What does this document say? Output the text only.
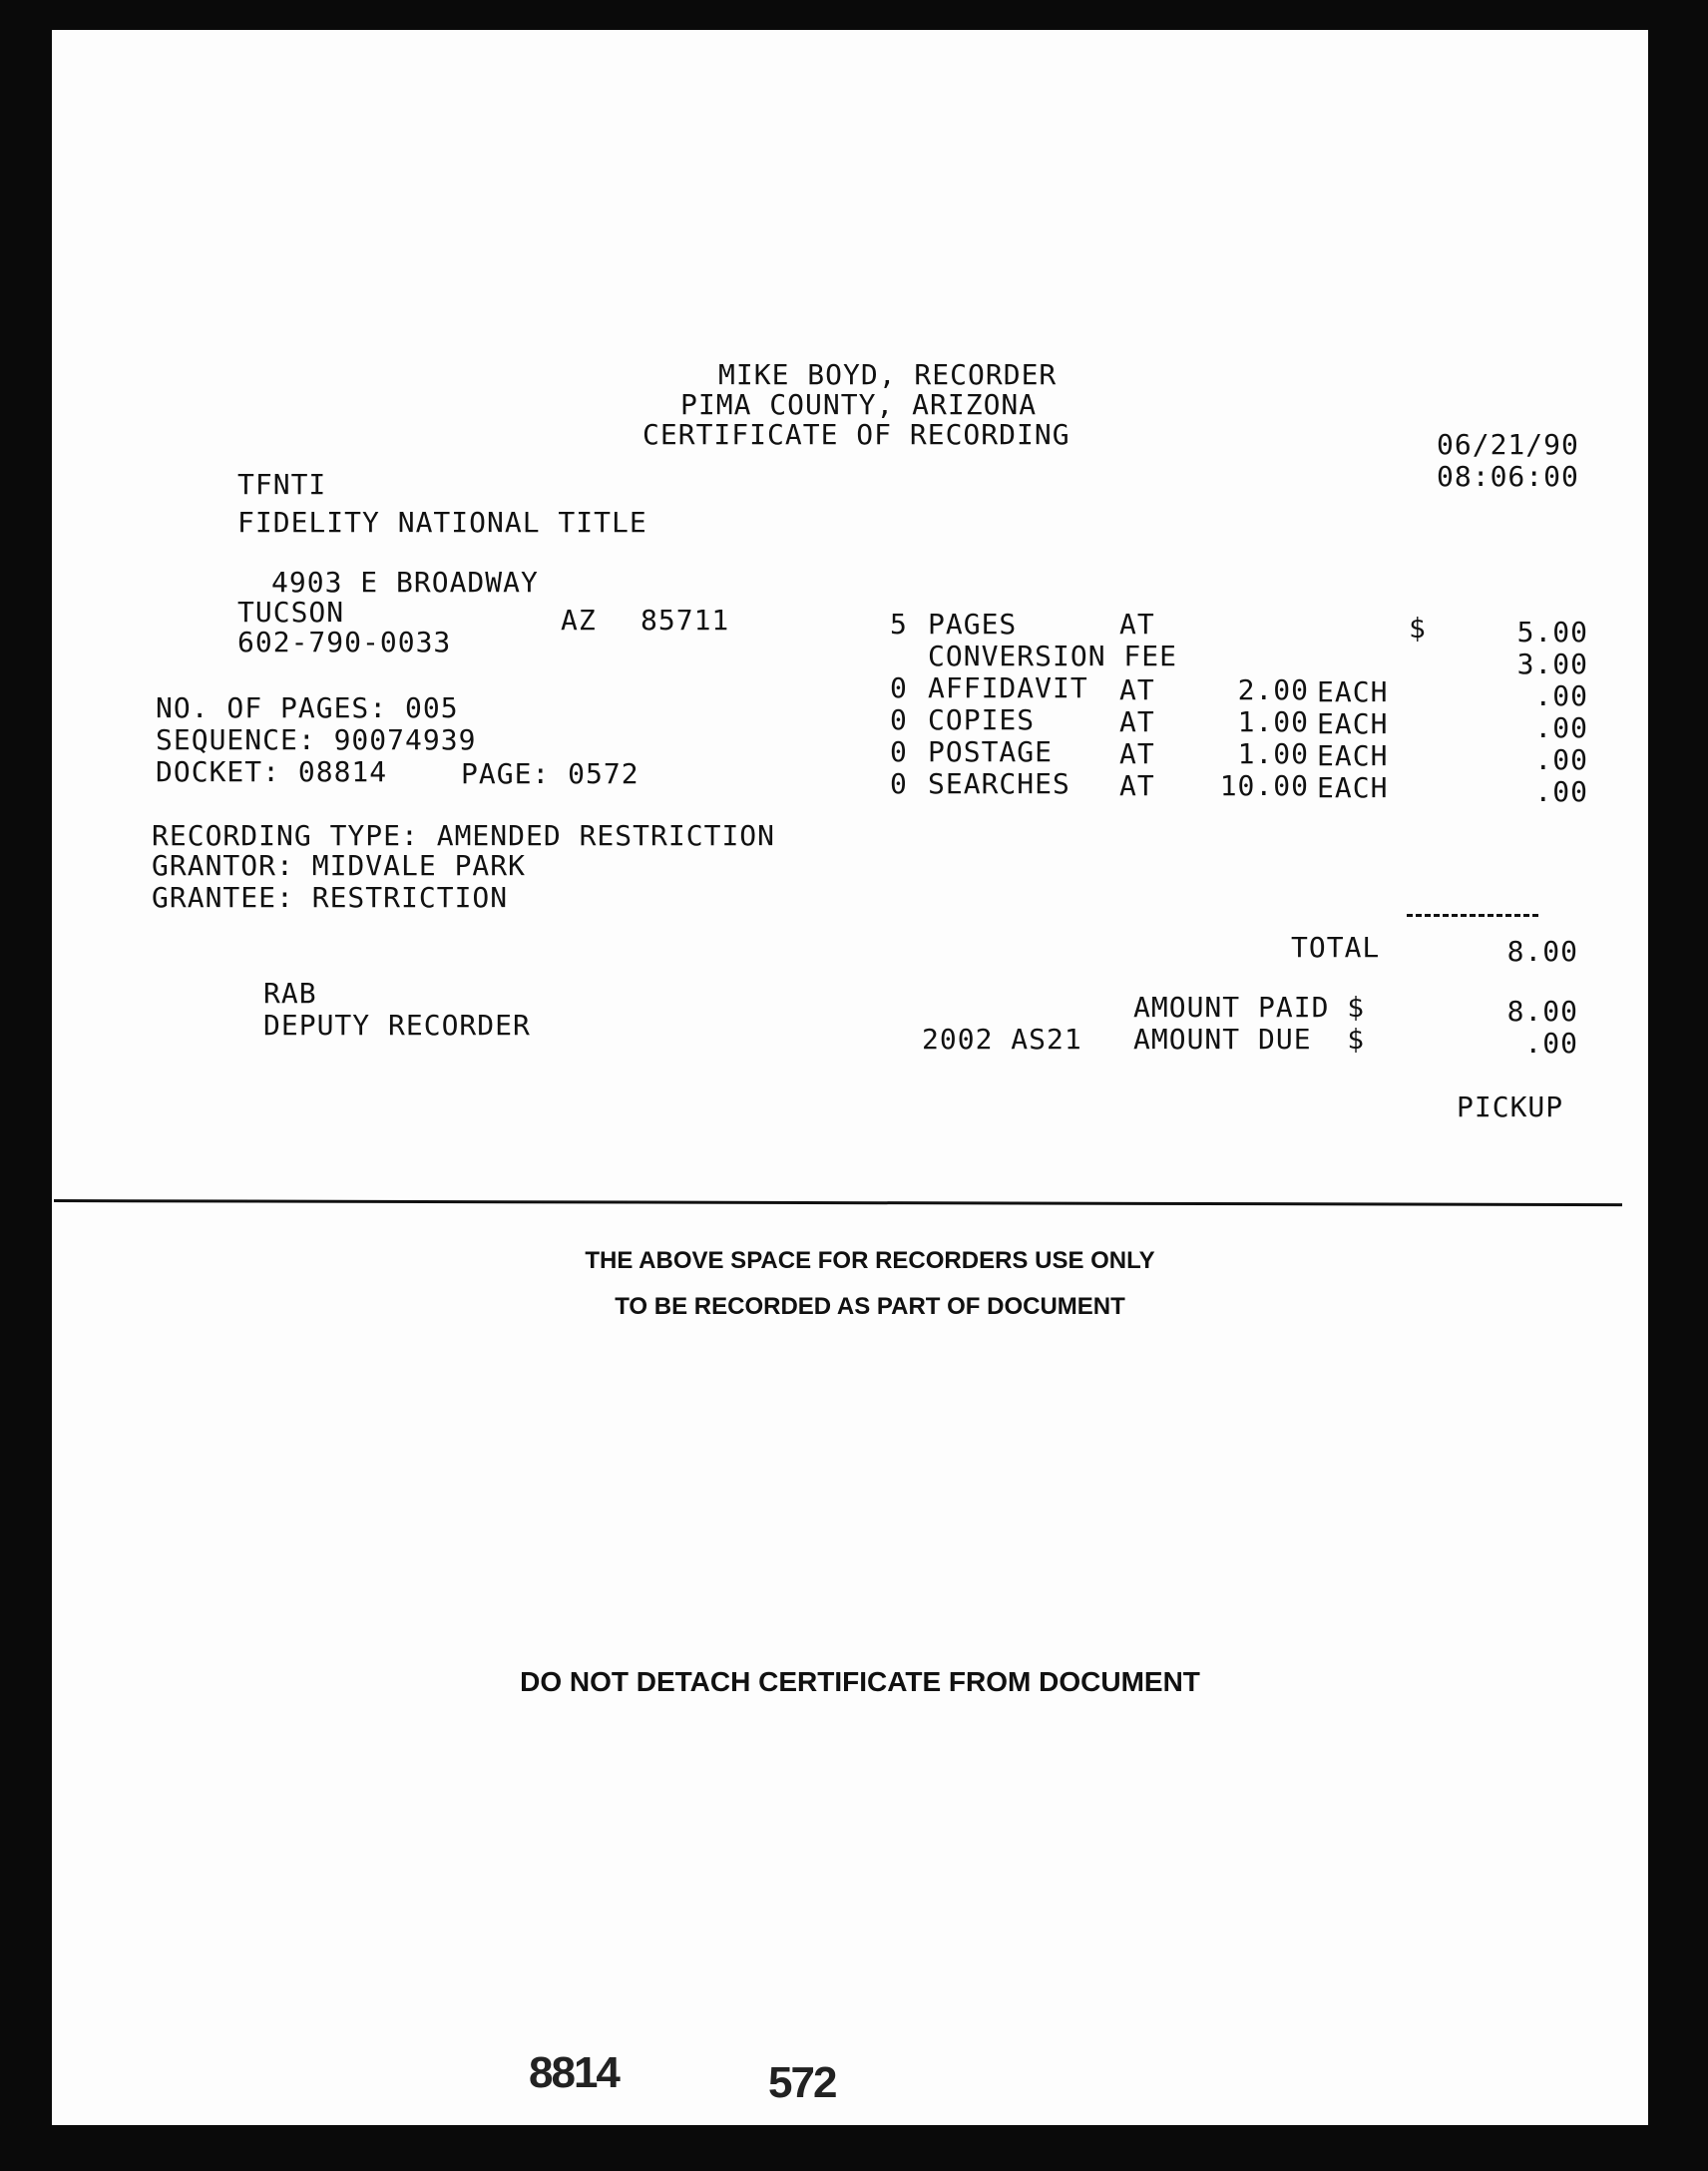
MIKE BOYD, RECORDER
PIMA COUNTY, ARIZONA
CERTIFICATE OF RECORDING	06/21/90
08:06:00
TFNTI
FIDELITY NATIONAL TITLE
4903 E BROADWAY
TUCSON	AZ 85711
602-790-0033
NO. OF PAGES: 005
SEQUENCE: 90074939
DOCKET: 08814	PAGE: 0572
RECORDING TYPE: AMENDED RESTRICTION
GRANTOR: MIDVALE PARK
GRANTEE: RESTRICTION
5 PAGES	AT	$	5.00
CONVERSION FEE	3.00
0 AFFIDAVIT AT	2.00 EACH	.00
0 COPIES	AT	1.00 EACH	.00
0 POSTAGE AT	1.00 EACH	.00
0 SEARCHES AT	10.00 EACH	.00
TOTAL	8.00
AMOUNT PAID $	8.00
2002 AS21 AMOUNT DUE  $	.00
PICKUP
RAB
DEPUTY RECORDER
THE ABOVE SPACE FOR RECORDERS USE ONLY
TO BE RECORDED AS PART OF DOCUMENT
DO NOT DETACH CERTIFICATE FROM DOCUMENT
8814	572
